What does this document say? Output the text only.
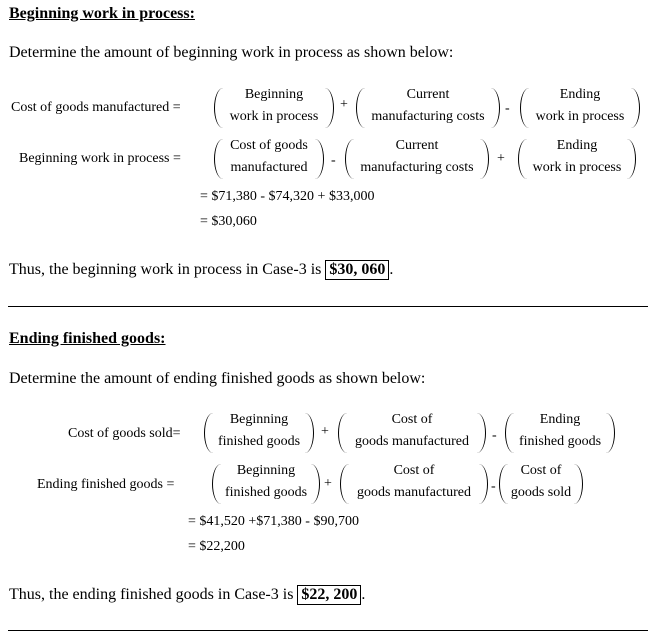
Beginning work in process:
Determine the amount of beginning work in process as shown below:
Cost of goods manufactured =
Beginning
work in process
+
Current
manufacturing costs
-
Ending
work in process
Beginning work in process =
Cost of goods
manufactured	-
Current
manufacturing costs
+
Ending
work in process
= $71,380 - $74,320 + $33,000
= $30,060
Thus, the beginning work in process in Case-3 is $30, 060 .
Ending finished goods:
Determine the amount of ending finished goods as shown below:
Cost of goods sold=
Beginning
finished goods
+
Cost of
goods manufactured	-
Ending
finished goods
Ending finished goods =
Beginning
finished goods
+
Cost of
goods manufactured	-
Cost of
goods sold
= $41,520 +$71,380 - $90,700
= $22,200
Thus, the ending finished goods in Case-3 is $22, 200 .
